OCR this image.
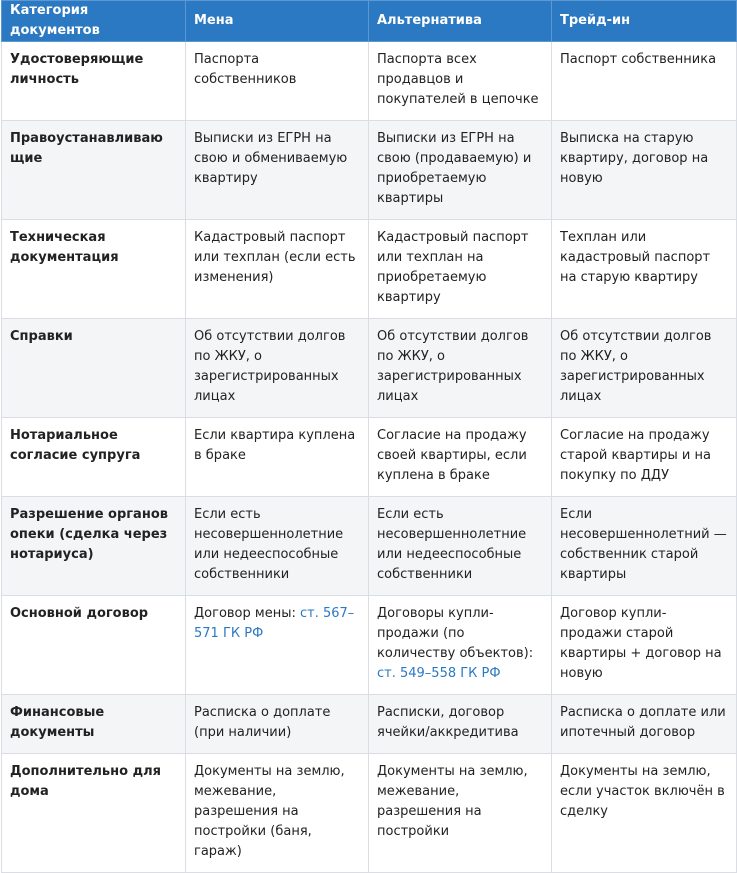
Категория документов	Мена	Альтернатива	Трейд-ин
Удостоверяющие личность	Паспорта собственников	Паспорта всех продавцов и покупателей в цепочке	Паспорт собственника
Правоустанавливающие	Выписки из ЕГРН на свою и обмениваемую квартиру	Выписки из ЕГРН на свою (продаваемую) и приобретаемую квартиры	Выписка на старую квартиру, договор на новую
Техническая документация	Кадастровый паспорт или техплан (если есть изменения)	Кадастровый паспорт или техплан на приобретаемую квартиру	Техплан или кадастровый паспорт на старую квартиру
Справки	Об отсутствии долгов по ЖКУ, о зарегистрированных лицах	Об отсутствии долгов по ЖКУ, о зарегистрированных лицах	Об отсутствии долгов по ЖКУ, о зарегистрированных лицах
Нотариальное согласие супруга	Если квартира куплена в браке	Согласие на продажу своей квартиры, если куплена в браке	Согласие на продажу старой квартиры и на покупку по ДДУ
Разрешение органов опеки (сделка через нотариуса)	Если есть несовершеннолетние или недееспособные собственники	Если есть несовершеннолетние или недееспособные собственники	Если несовершеннолетний — собственник старой квартиры
Основной договор	Договор мены: ст. 567–571 ГК РФ	Договоры купли-продажи (по количеству объектов): ст. 549–558 ГК РФ	Договор купли-продажи старой квартиры + договор на новую
Финансовые документы	Расписка о доплате (при наличии)	Расписки, договор ячейки/аккредитива	Расписка о доплате или ипотечный договор
Дополнительно для дома	Документы на землю, межевание, разрешения на постройки (баня, гараж)	Документы на землю, межевание, разрешения на постройки	Документы на землю, если участок включён в сделку
